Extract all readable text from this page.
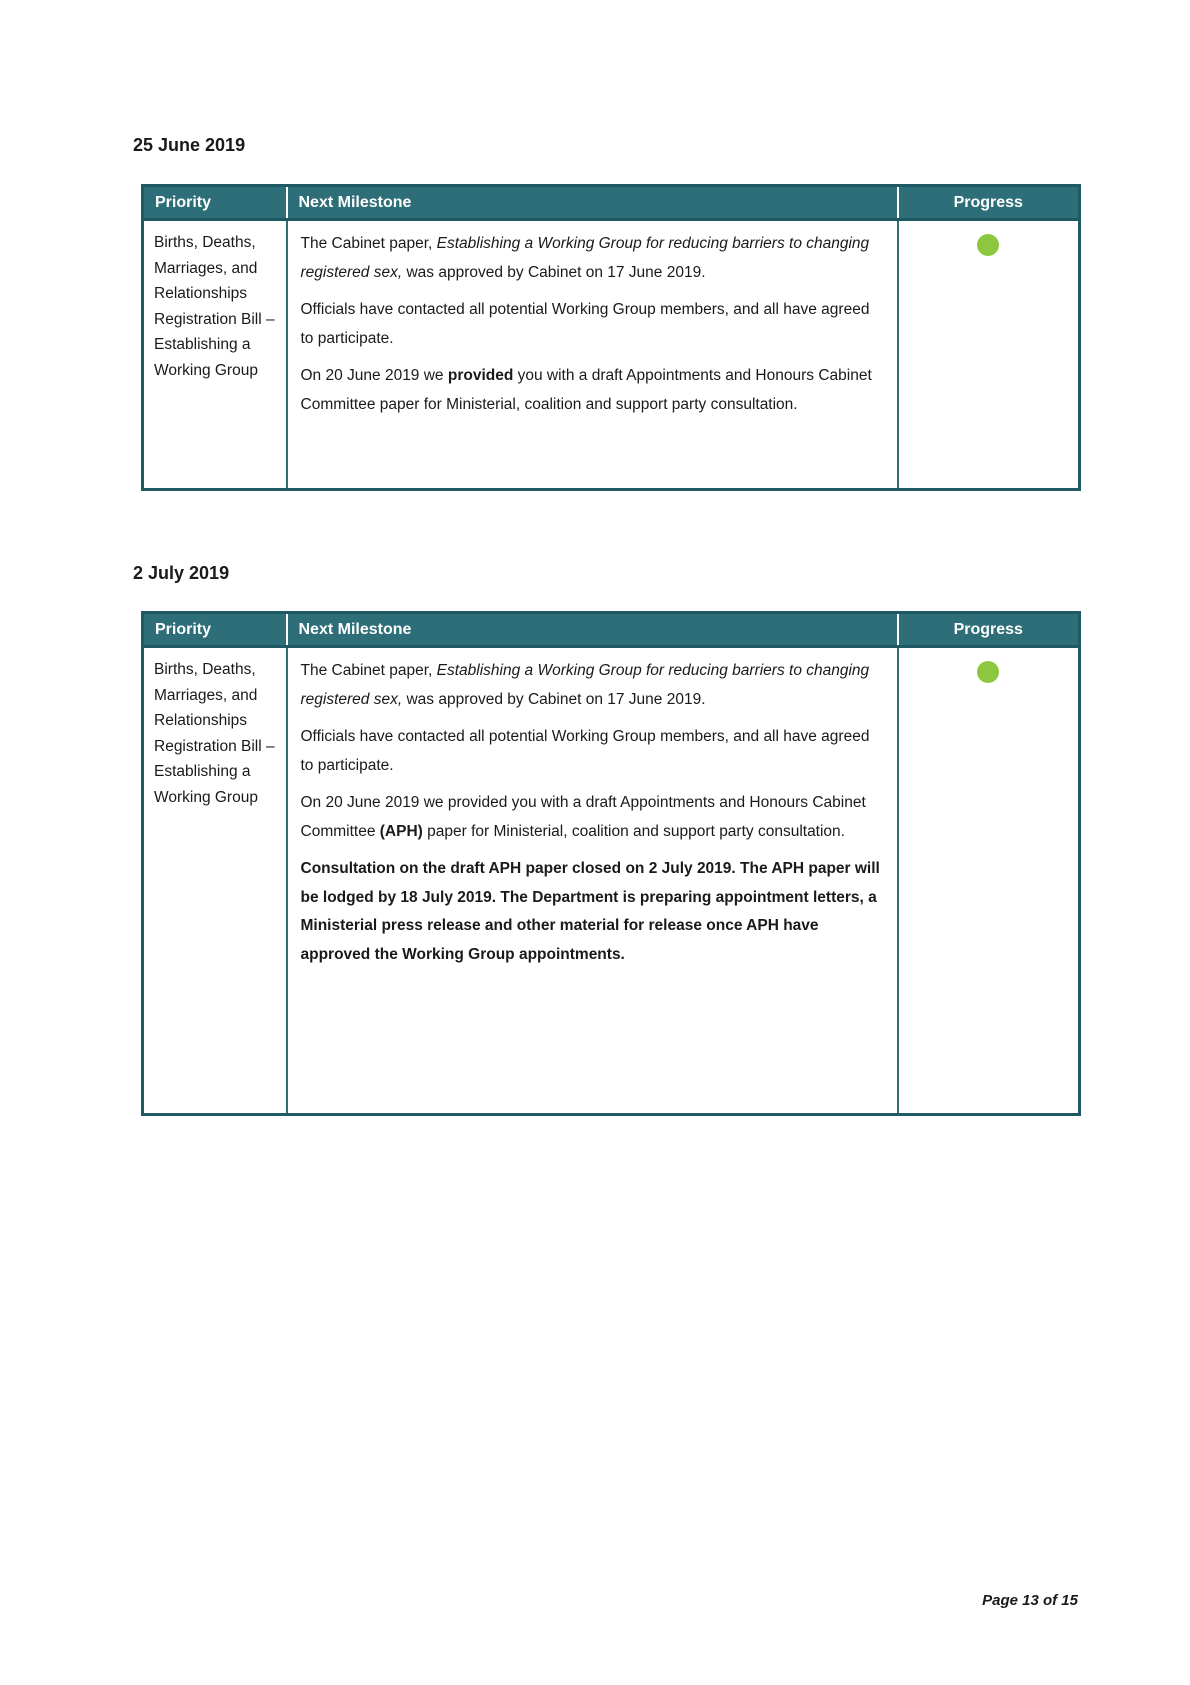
25 June 2019
Priority	Next Milestone	Progress
Births, Deaths, Marriages, and Relationships Registration Bill – Establishing a Working Group	The Cabinet paper, Establishing a Working Group for reducing barriers to changing registered sex, was approved by Cabinet on 17 June 2019.

Officials have contacted all potential Working Group members, and all have agreed to participate.

On 20 June 2019 we provided you with a draft Appointments and Honours Cabinet Committee paper for Ministerial, coalition and support party consultation.	

2 July 2019
Priority	Next Milestone	Progress
Births, Deaths, Marriages, and Relationships Registration Bill – Establishing a Working Group	The Cabinet paper, Establishing a Working Group for reducing barriers to changing registered sex, was approved by Cabinet on 17 June 2019.

Officials have contacted all potential Working Group members, and all have agreed to participate.

On 20 June 2019 we provided you with a draft Appointments and Honours Cabinet Committee (APH) paper for Ministerial, coalition and support party consultation.

Consultation on the draft APH paper closed on 2 July 2019. The APH paper will be lodged by 18 July 2019. The Department is preparing appointment letters, a Ministerial press release and other material for release once APH have approved the Working Group appointments.	

Page 13 of 15
